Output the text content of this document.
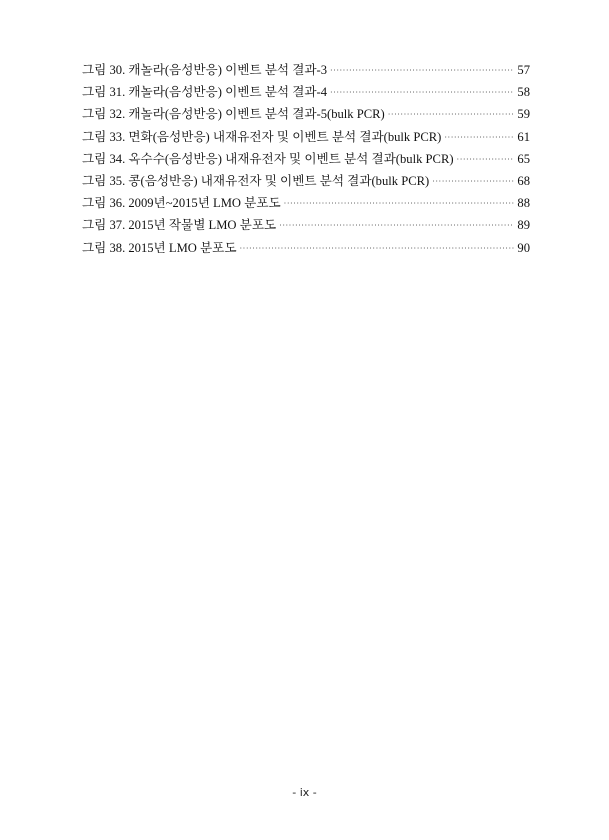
그림 30. 캐놀라(음성반응) 이벤트 분석 결과-3 ·····	57
그림 31. 캐놀라(음성반응) 이벤트 분석 결과-4 ·····	58
그림 32. 캐놀라(음성반응) 이벤트 분석 결과-5(bulk PCR) ·····	59
그림 33. 면화(음성반응) 내재유전자 및 이벤트 분석 결과(bulk PCR) ·····	61
그림 34. 옥수수(음성반응) 내재유전자 및 이벤트 분석 결과(bulk PCR) ·····	65
그림 35. 콩(음성반응) 내재유전자 및 이벤트 분석 결과(bulk PCR) ·····	68
그림 36. 2009년~2015년 LMO 분포도 ·····	88
그림 37. 2015년 작물별 LMO 분포도 ·····	89
그림 38. 2015년 LMO 분포도 ·····	90
- ix -
